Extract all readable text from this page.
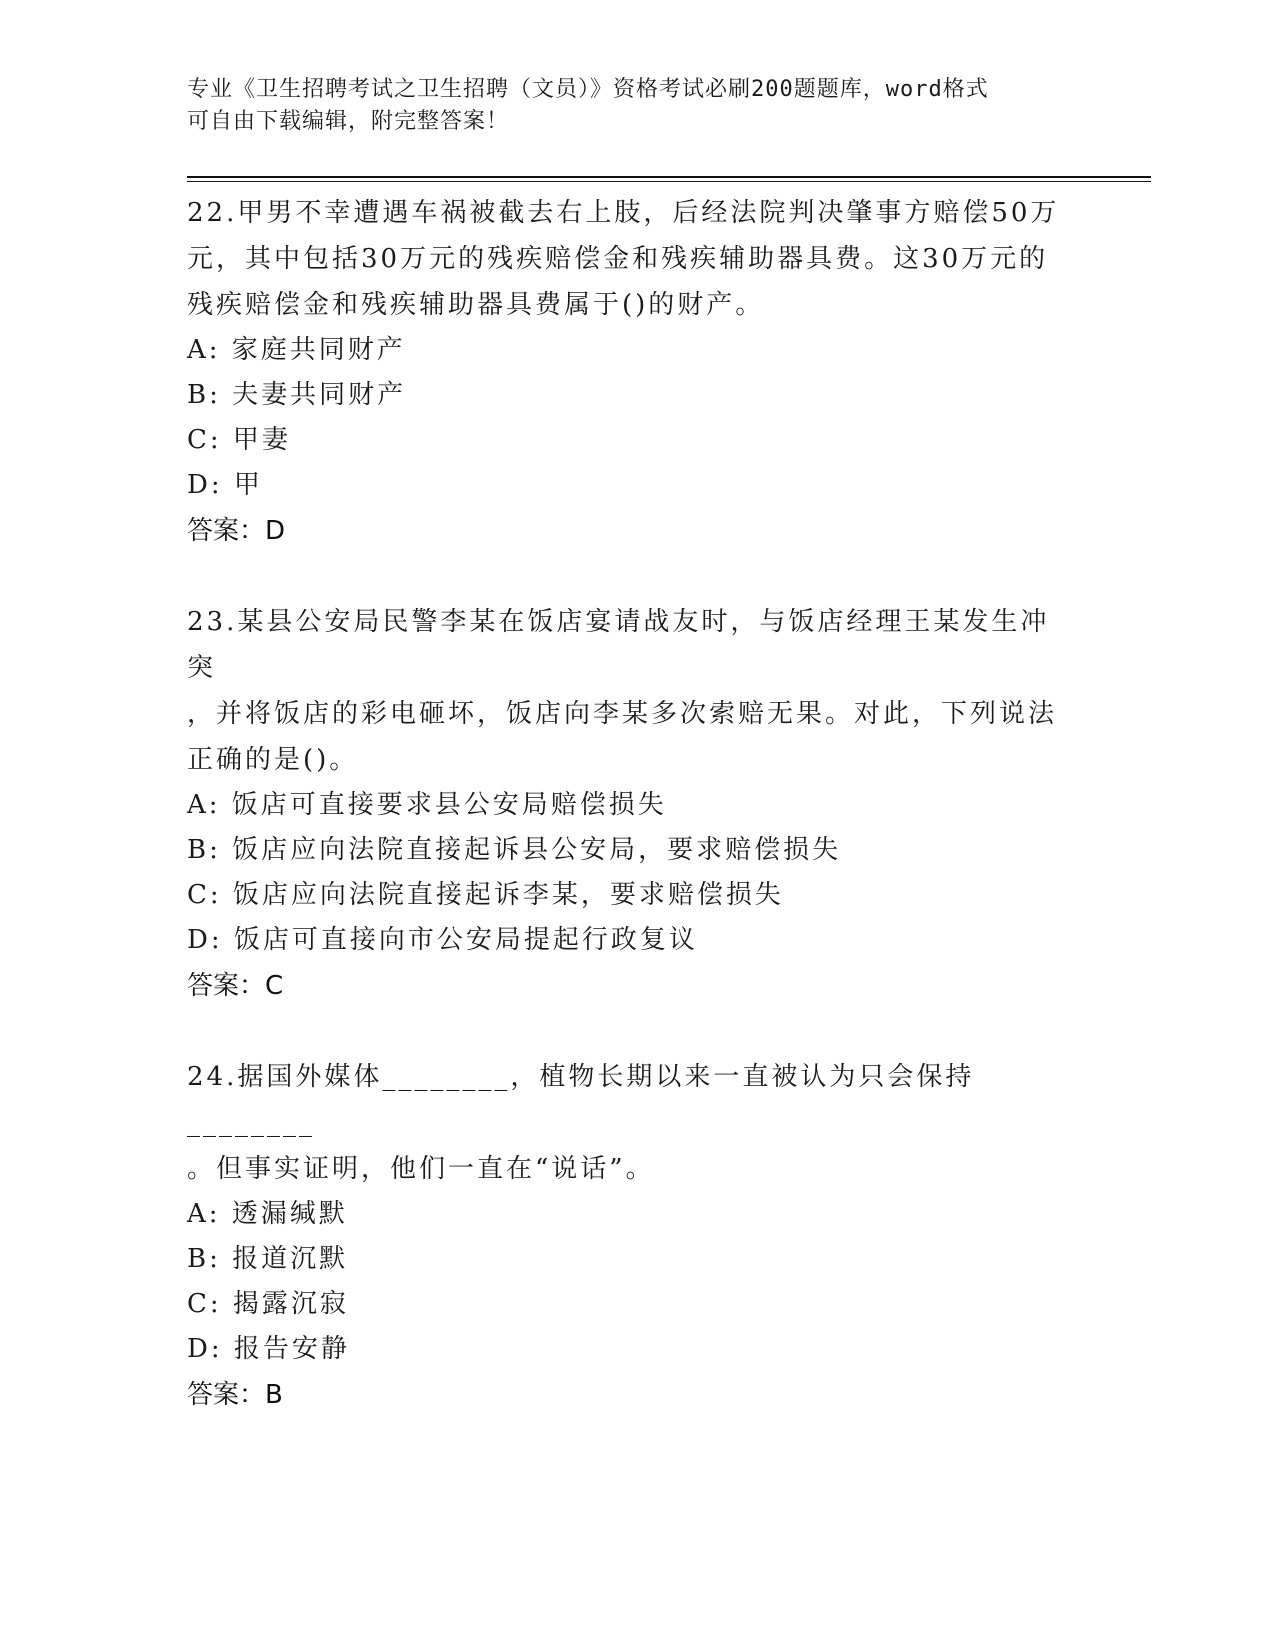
专业《卫生招聘考试之卫生招聘（文员）》资格考试必刷200题题库，word格式
可自由下载编辑，附完整答案！

22.甲男不幸遭遇车祸被截去右上肢，后经法院判决肇事方赔偿50万

元，其中包括30万元的残疾赔偿金和残疾辅助器具费。这30万元的

残疾赔偿金和残疾辅助器具费属于()的财产。

A: 家庭共同财产

B: 夫妻共同财产

C: 甲妻

D: 甲

答案：D

23.某县公安局民警李某在饭店宴请战友时，与饭店经理王某发生冲突

，并将饭店的彩电砸坏，饭店向李某多次索赔无果。对此，下列说法

正确的是()。

A: 饭店可直接要求县公安局赔偿损失

B: 饭店应向法院直接起诉县公安局，要求赔偿损失

C: 饭店应向法院直接起诉李某，要求赔偿损失

D: 饭店可直接向市公安局提起行政复议

答案：C

24.据国外媒体________，植物长期以来一直被认为只会保持________

。但事实证明，他们一直在“说话”。

A: 透漏缄默

B: 报道沉默

C: 揭露沉寂

D: 报告安静

答案：B
